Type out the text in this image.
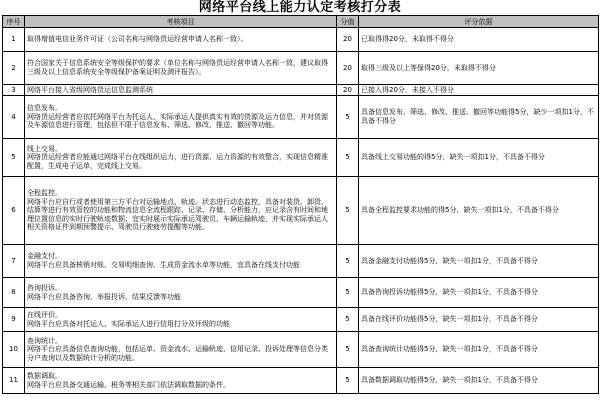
网络平台线上能力认定考核打分表
序号	考核项目	分值	评分依据
1	取得增值电信业务许可证（公司名称与网络货运经营申请人名称一致）。	20	已取得得20分，未取得不得分
2	符合国家关于信息系统安全等级保护的要求（单位名称与网络货运经营申请人名称一致，建议取得三级及以上信息系统安全等级保护备案证明及测评报告）。	20	取得三级及以上等保得20分，未取得不得分
3	网络平台接入省级网络货运信息监测系统	20	已接入得20分，未接入不得分
4	信息发布。
网络货运经营者应依托网络平台为托运人、实际承运人提供真实有效的货源及运力信息，并对货源及车源信息进行管理，包括但不限于信息发布、筛选、修改、推送、撤回等功能。	5	具备信息发布、筛选、修改、推送、撤回等功能得5分，缺少一项扣1分，不具备不得分
5	线上交易。
网络货运经营者应能通过网络平台在线组织运力，进行货源、运力资源的有效整合，实现信息精准配置，生成电子运单，完成线上交易。	5	具备线上交易功能的得5分，缺失一项扣1分，不具备不得分
6	全程监控。
网络平台应自行或者使用第三方平台对运输地点、轨迹、状态进行动态监控，具备对装货、卸货、结算等进行有效管控的功能和物流信息全流程跟踪、记录、存储、分析能力，应记录含有时间和地理位置信息的实时行驶轨迹数据；宜实时展示实际承运驾驶员、车辆运输轨迹，并实现实际承运人相关资格证件到期预警提示、驾驶员行驶疲劳提醒等功能。	5	具备全程监控要求功能的得5分，缺失一项扣1分，不具备不得分
7	金融支付。
网络平台应具备核销对账、交易明细查询、生成资金流水单等功能，宜具备在线支付功能	5	具备金融支付功能得5分，缺失一项扣1分，不具备不得分
8	咨询投诉。
网络平台应具备咨询、举报投诉、结果反馈等功能	5	具备咨询投诉功能得5分，缺失一项扣1分，不具备不得分
9	在线评价。
网络平台应具备对托运人、实际承运人进行信用打分及评级的功能	5	具备在线评价功能得5分，缺失一项扣1分，不具备不得分
10	查询统计。
网络平台应具备信息查询功能，包括运单、资金流水、运输轨迹、信用记录、投诉处理等信息分类分户查询以及数据统计分析的功能。	5	具备查询统计功能得5分，缺失一项扣1分，不具备不得分
11	数据调取。
网络平台应具备交通运输、税务等相关部门依法调取数据的条件。	5	具备数据调取功能得5分，缺失一项扣1分，不具备不得分
